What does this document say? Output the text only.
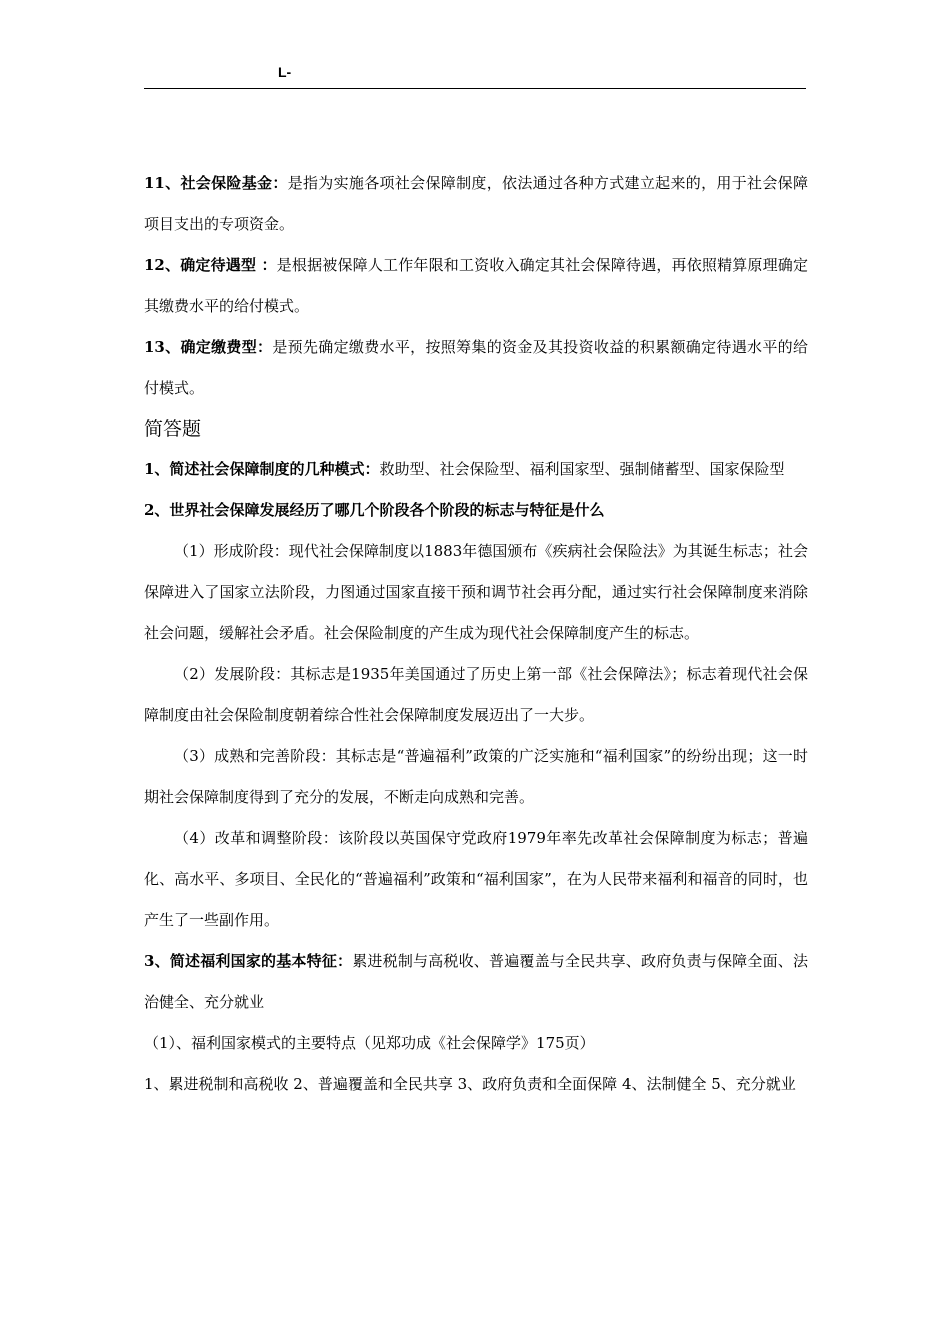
L-

11、社会保险基金：是指为实施各项社会保障制度，依法通过各种方式建立起来的，用于社会保障项目支出的专项资金。

12、确定待遇型 ：是根据被保障人工作年限和工资收入确定其社会保障待遇，再依照精算原理确定其缴费水平的给付模式。

13、确定缴费型：是预先确定缴费水平，按照筹集的资金及其投资收益的积累额确定待遇水平的给付模式。

简答题

1、简述社会保障制度的几种模式：救助型、社会保险型、福利国家型、强制储蓄型、国家保险型

2、世界社会保障发展经历了哪几个阶段各个阶段的标志与特征是什么

（1）形成阶段：现代社会保障制度以1883年德国颁布《疾病社会保险法》为其诞生标志；社会保障进入了国家立法阶段，力图通过国家直接干预和调节社会再分配，通过实行社会保障制度来消除社会问题，缓解社会矛盾。社会保险制度的产生成为现代社会保障制度产生的标志。

（2）发展阶段：其标志是1935年美国通过了历史上第一部《社会保障法》；标志着现代社会保障制度由社会保险制度朝着综合性社会保障制度发展迈出了一大步。

（3）成熟和完善阶段：其标志是“普遍福利”政策的广泛实施和“福利国家”的纷纷出现；这一时期社会保障制度得到了充分的发展，不断走向成熟和完善。

（4）改革和调整阶段：该阶段以英国保守党政府1979年率先改革社会保障制度为标志；普遍化、高水平、多项目、全民化的“普遍福利”政策和“福利国家”，在为人民带来福利和福音的同时，也产生了一些副作用。

3、简述福利国家的基本特征：累进税制与高税收、普遍覆盖与全民共享、政府负责与保障全面、法治健全、充分就业

（1）、福利国家模式的主要特点（见郑功成《社会保障学》175页）

1、累进税制和高税收 2、普遍覆盖和全民共享 3、政府负责和全面保障 4、法制健全 5、充分就业
